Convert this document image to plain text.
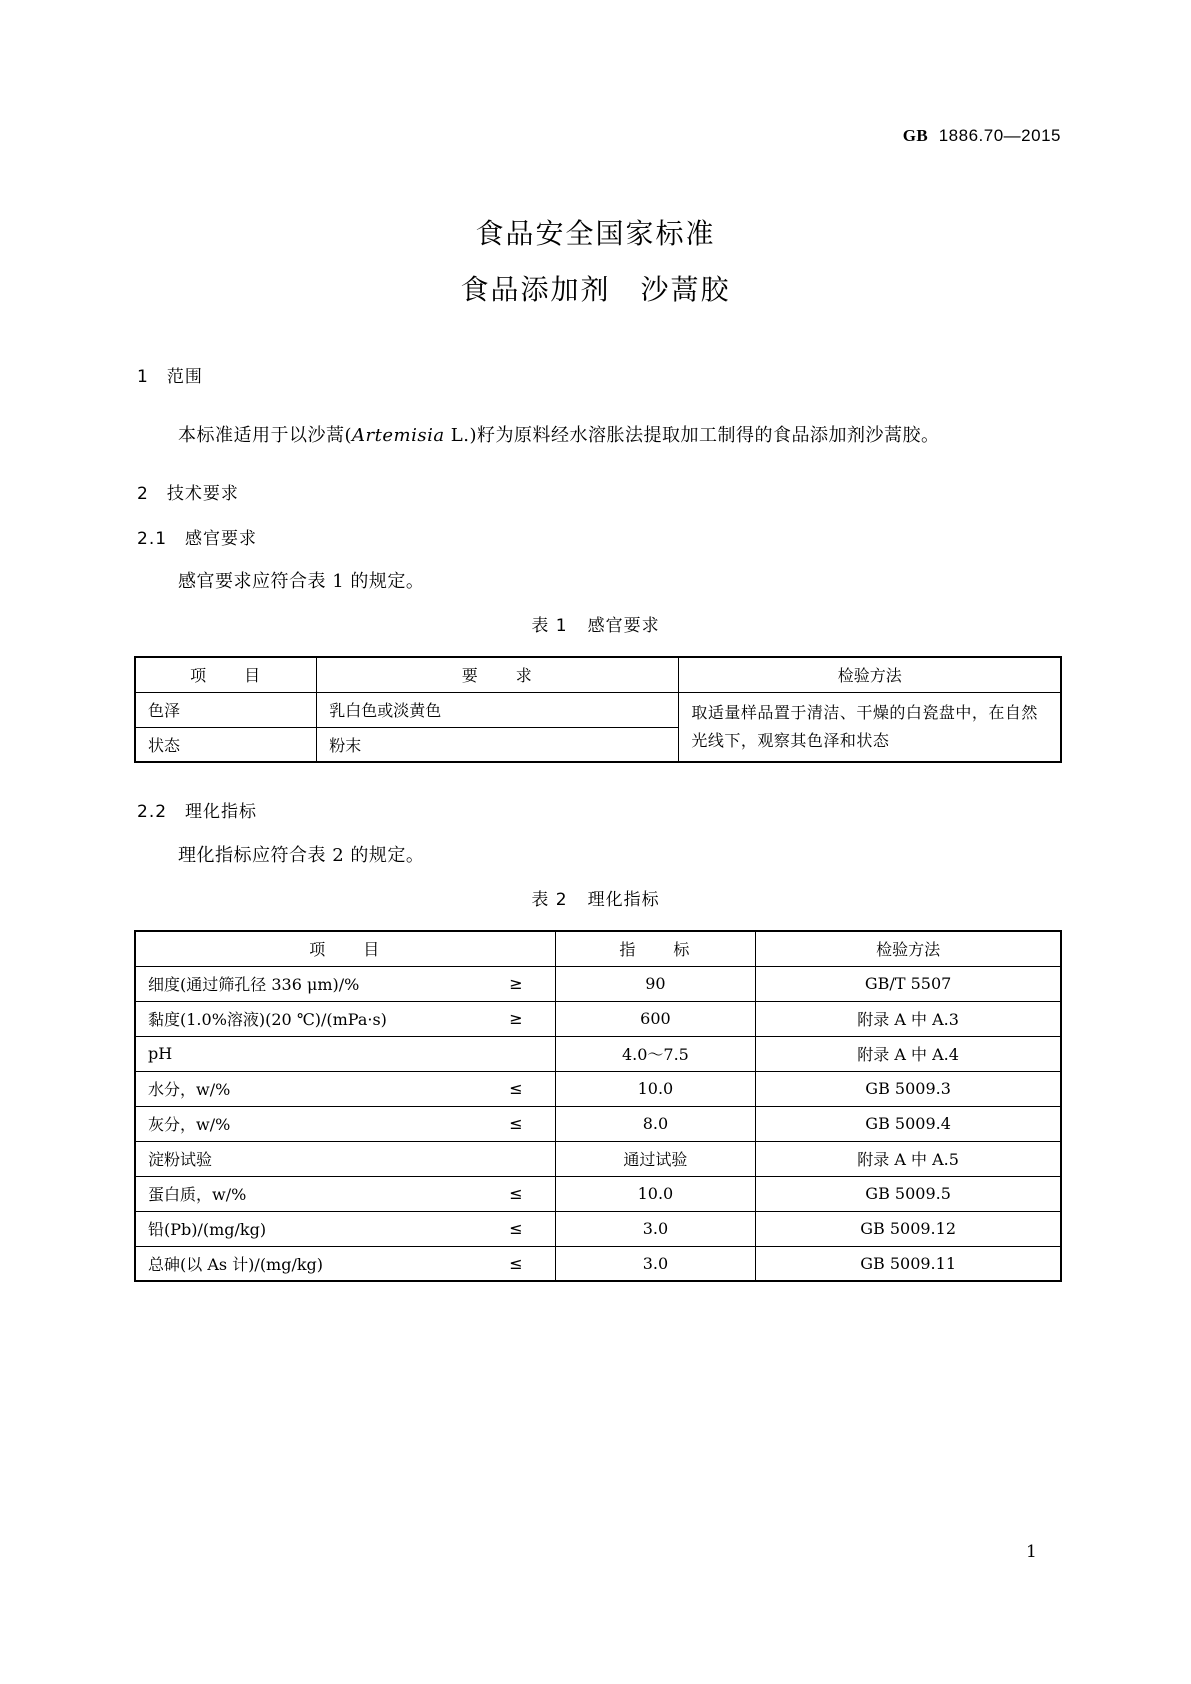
GB 1886.70—2015
食品安全国家标准
食品添加剂　沙蒿胶
1 范围
本标准适用于以沙蒿(Artemisia L.)籽为原料经水溶胀法提取加工制得的食品添加剂沙蒿胶。
2 技术要求
2.1 感官要求
感官要求应符合表 1 的规定。
表 1 感官要求
项　　目	要　　求	检验方法
色泽	乳白色或淡黄色	取适量样品置于清洁、干燥的白瓷盘中，在自然光线下，观察其色泽和状态
状态	粉末	
2.2 理化指标
理化指标应符合表 2 的规定。
表 2 理化指标
项　　目	指　　标	检验方法

细度(通过筛孔径 336 μm)/% ≥	90	GB/T 5507

黏度(1.0%溶液)(20 ℃)/(mPa·s) ≥	600	附录 A 中 A.3

pH	4.0～7.5	附录 A 中 A.4

水分，w/% ≤	10.0	GB 5009.3

灰分，w/% ≤	8.0	GB 5009.4

淀粉试验	通过试验	附录 A 中 A.5

蛋白质，w/% ≤	10.0	GB 5009.5

铅(Pb)/(mg/kg) ≤	3.0	GB 5009.12

总砷(以 As 计)/(mg/kg) ≤	3.0	GB 5009.11
1
